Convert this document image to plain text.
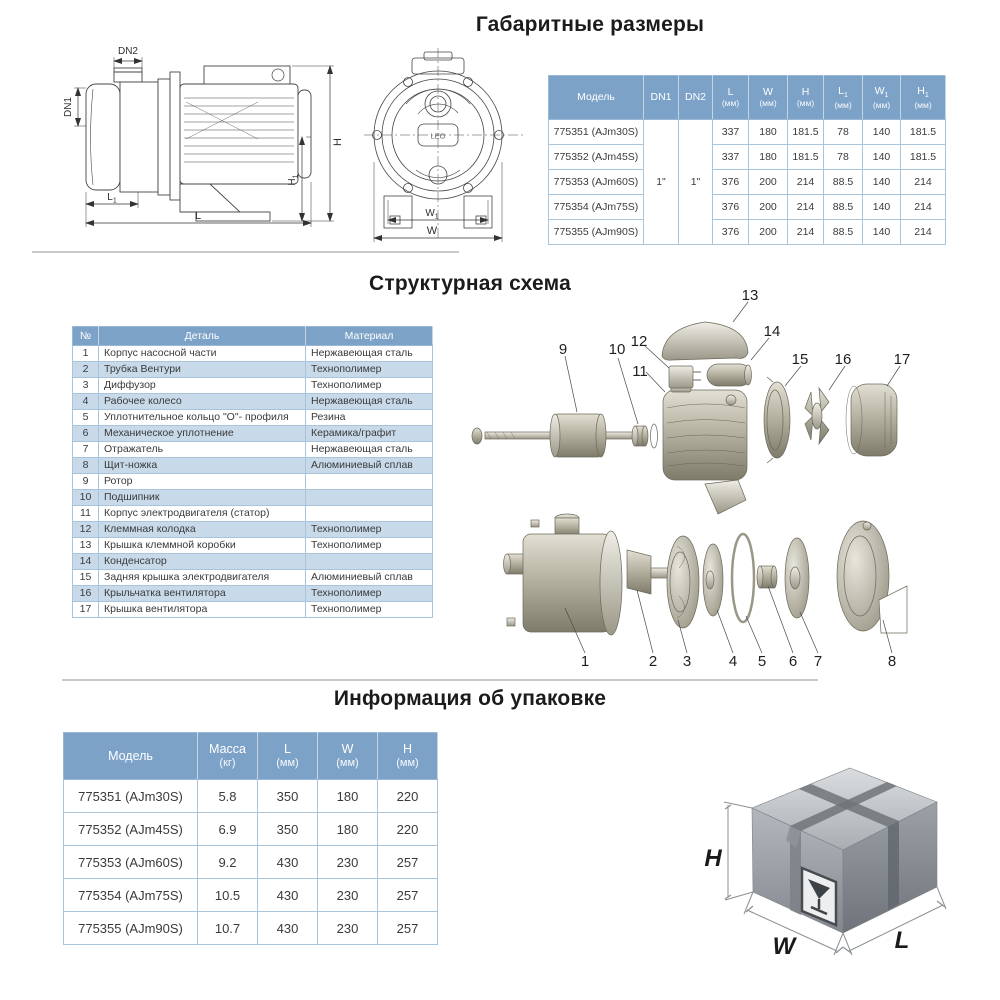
Габаритные размеры
Структурная схема
Информация об упаковке
DN2
DN1
H
$H_1$
$L_1$
L	$W_1$
W
LEO
Модель	DN1	DN2	L
(мм)	W
(мм)	H
(мм)	$L_1$
(мм)	$W_1$
(мм)	$H_1$
(мм)

775351 (AJm30S)	1"	1"	337	180	181.5	78	140	181.5
775352 (AJm45S)			337	180	181.5	78	140	181.5
775353 (AJm60S)			376	200	214	88.5	140	214
775354 (AJm75S)			376	200	214	88.5	140	214
775355 (AJm90S)			376	200	214	88.5	140	214
№	Деталь	Материал
1	Корпус насосной части	Нержавеющая сталь
2	Трубка Вентури	Технополимер
3	Диффузор	Технополимер
4	Рабочее колесо	Нержавеющая сталь
5	Уплотнительное кольцо "О"- профиля	Резина
6	Механическое уплотнение	Керамика/графит
7	Отражатель	Нержавеющая сталь
8	Щит-ножка	Алюминиевый сплав
9	Ротор	
10	Подшипник	
11	Корпус электродвигателя (статор)	
12	Клеммная колодка	Технополимер
13	Крышка клеммной коробки	Технополимер
14	Конденсатор	
15	Задняя крышка электродвигателя	Алюминиевый сплав
16	Крыльчатка вентилятора	Технополимер
17	Крышка вентилятора	Технополимер
9	10
11
12
13
14
15 16	17
1	2 3	4 5 6 7	8
Модель	Масса
(кг)	L
(мм)	W
(мм)	H
(мм)

775351 (AJm30S)	5.8	350	180	220
775352 (AJm45S)	6.9	350	180	220
775353 (AJm60S)	9.2	430	230	257
775354 (AJm75S)	10.5	430	230	257
775355 (AJm90S)	10.7	430	230	257
H
W	L
